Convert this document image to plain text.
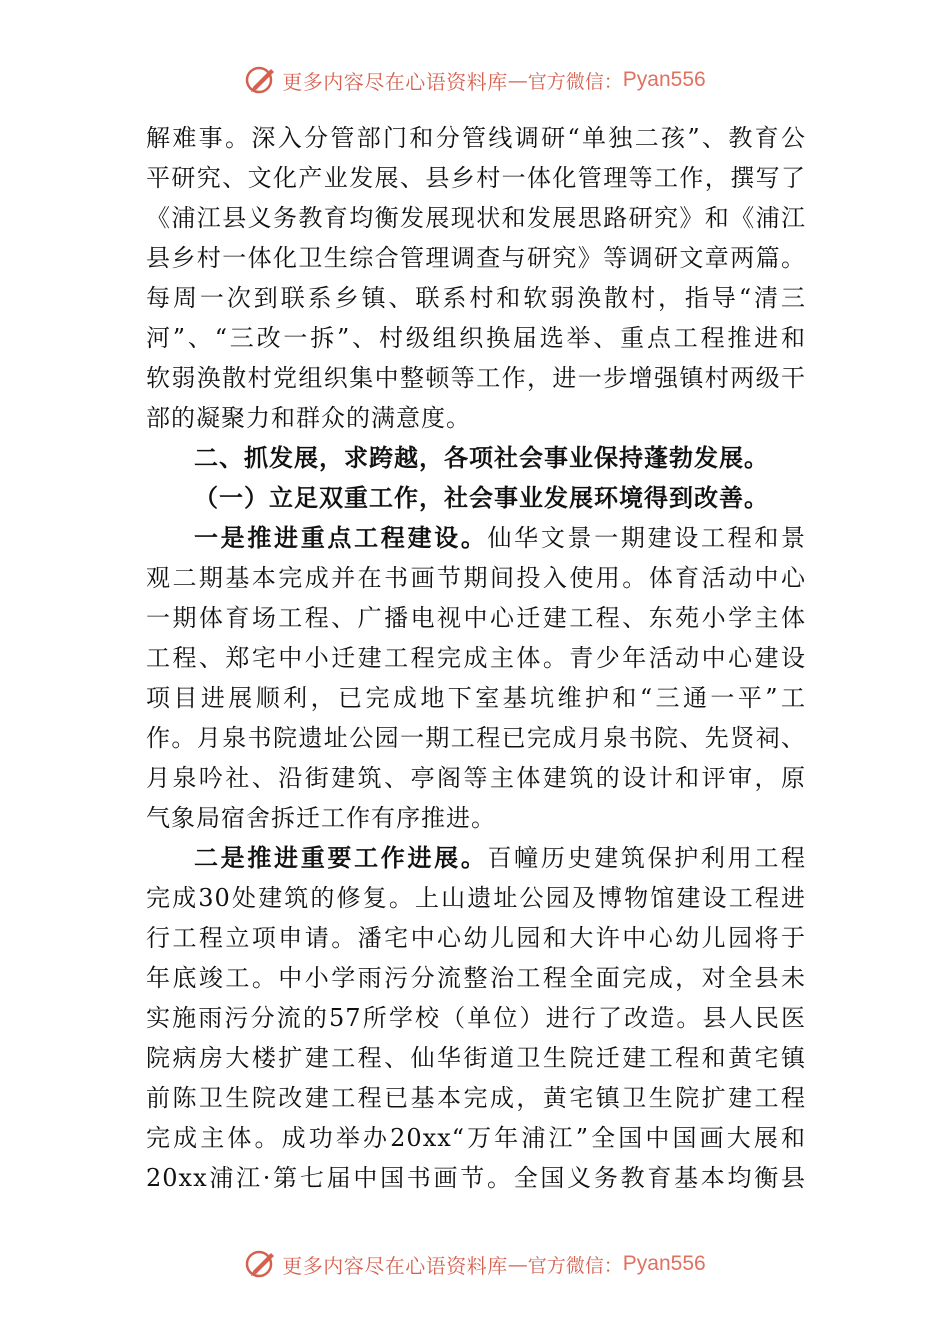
更多内容尽在心语资料库 — 官方微信： Pyan556
解难事。深入分管部门和分管线调研“单独二孩”、教育公
平研究、文化产业发展、县乡村一体化管理等工作，撰写了
《浦江县义务教育均衡发展现状和发展思路研究》和《浦江
县乡村一体化卫生综合管理调查与研究》等调研文章两篇。
每周一次到联系乡镇、联系村和软弱涣散村，指导“清三
河”、“三改一拆”、村级组织换届选举、重点工程推进和
软弱涣散村党组织集中整顿等工作，进一步增强镇村两级干
部的凝聚力和群众的满意度。
二、抓发展，求跨越，各项社会事业保持蓬勃发展。
（一）立足双重工作，社会事业发展环境得到改善。
一是推进重点工程建设。仙华文景一期建设工程和景
观二期基本完成并在书画节期间投入使用。体育活动中心
一期体育场工程、广播电视中心迁建工程、东苑小学主体
工程、郑宅中小迁建工程完成主体。青少年活动中心建设
项目进展顺利，已完成地下室基坑维护和“三通一平”工
作。月泉书院遗址公园一期工程已完成月泉书院、先贤祠、
月泉吟社、沿街建筑、亭阁等主体建筑的设计和评审，原
气象局宿舍拆迁工作有序推进。
二是推进重要工作进展。百幢历史建筑保护利用工程
完成30处建筑的修复。上山遗址公园及博物馆建设工程进
行工程立项申请。潘宅中心幼儿园和大许中心幼儿园将于
年底竣工。中小学雨污分流整治工程全面完成，对全县未
实施雨污分流的57所学校（单位）进行了改造。县人民医
院病房大楼扩建工程、仙华街道卫生院迁建工程和黄宅镇
前陈卫生院改建工程已基本完成，黄宅镇卫生院扩建工程
完成主体。成功举办20xx“万年浦江”全国中国画大展和
20xx浦江·第七届中国书画节。全国义务教育基本均衡县
更多内容尽在心语资料库 — 官方微信： Pyan556
